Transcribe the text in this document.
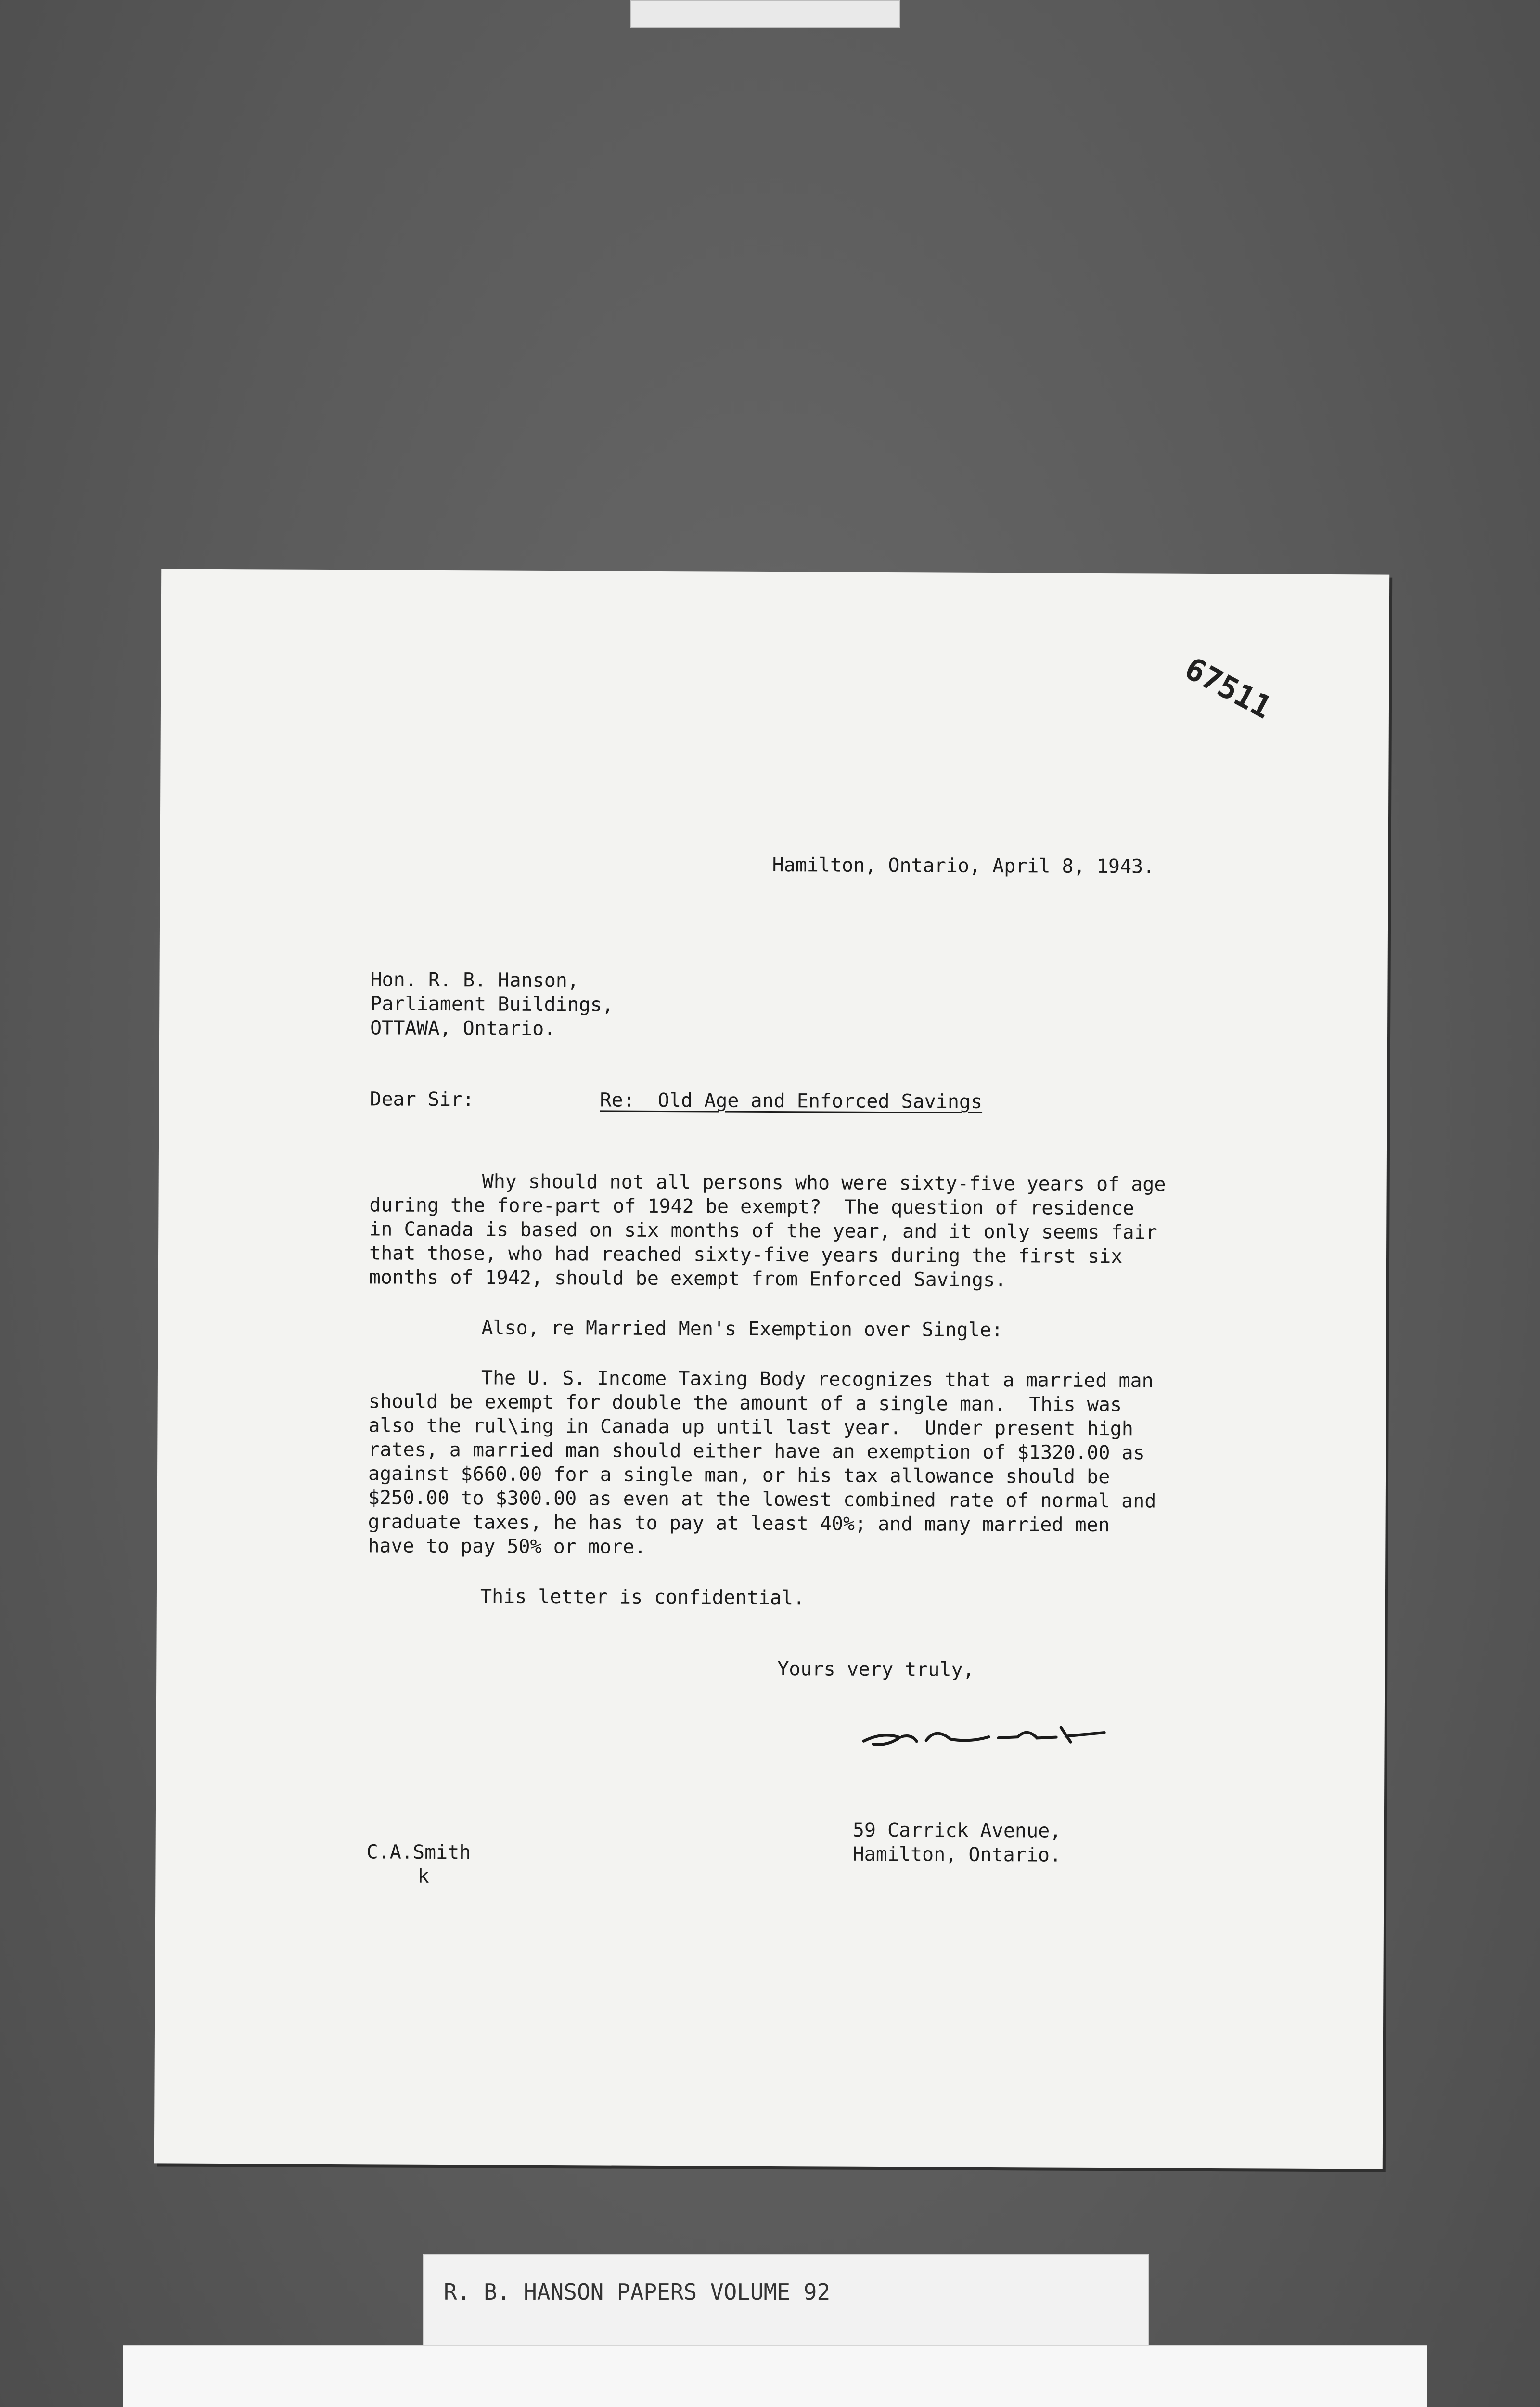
67511

Hamilton, Ontario, April 8, 1943.

Hon. R. B. Hanson,

Parliament Buildings,

OTTAWA, Ontario.

Dear Sir:	Re:  Old Age and Enforced Savings

Why should not all persons who were sixty-five years of age

during the fore-part of 1942 be exempt?  The question of residence

in Canada is based on six months of the year, and it only seems fair

that those, who had reached sixty-five years during the first six

months of 1942, should be exempt from Enforced Savings.

Also, re Married Men's Exemption over Single:

The U. S. Income Taxing Body recognizes that a married man

should be exempt for double the amount of a single man.  This was

also the rul\ing in Canada up until last year.  Under present high

rates, a married man should either have an exemption of $1320.00 as

against $660.00 for a single man, or his tax allowance should be

$250.00 to $300.00 as even at the lowest combined rate of normal and

graduate taxes, he has to pay at least 40%; and many married men

have to pay 50% or more.

This letter is confidential.

Yours very truly,

59 Carrick Avenue,

Hamilton, Ontario.

C.A.Smith

k

R. B. HANSON PAPERS VOLUME 92
